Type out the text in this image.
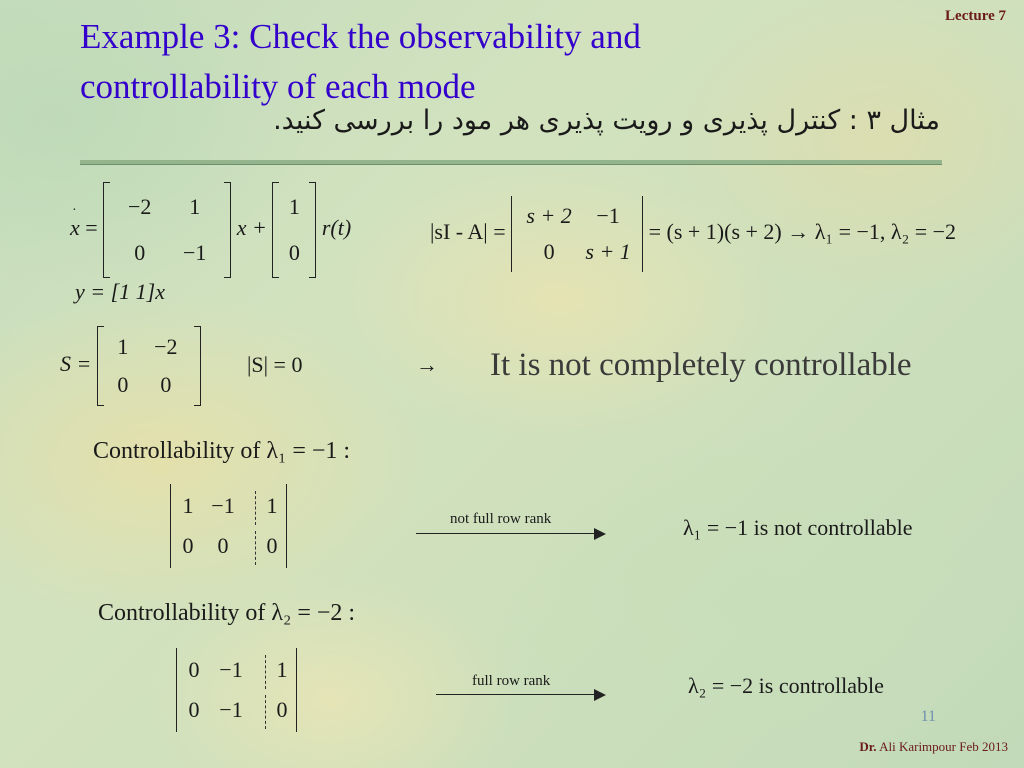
Lecture 7
Example 3: Check the observability and controllability of each mode
مثال ۳ : کنترل پذیری و رویت پذیری هر مود را بررسی کنید.
.
x =
−2 1
0 −1
x +
1
0
r(t)
y = [1 1]x
|sI - A| =
s + 2 −1
0 s + 1
= (s + 1)(s + 2) → λ₁ = −1, λ₂ = −2
S =
1 −2
0 0
|S| = 0	→ It is not completely controllable
Controllability of λ₁ = −1 :
1 −1 1
0 0 0
not full row rank	λ₁ = −1 is not controllable
Controllability of λ₂ = −2 :
0 −1 1
0 −1 0
full row rank	λ₂ = −2 is controllable
11
Dr. Ali Karimpour Feb 2013
